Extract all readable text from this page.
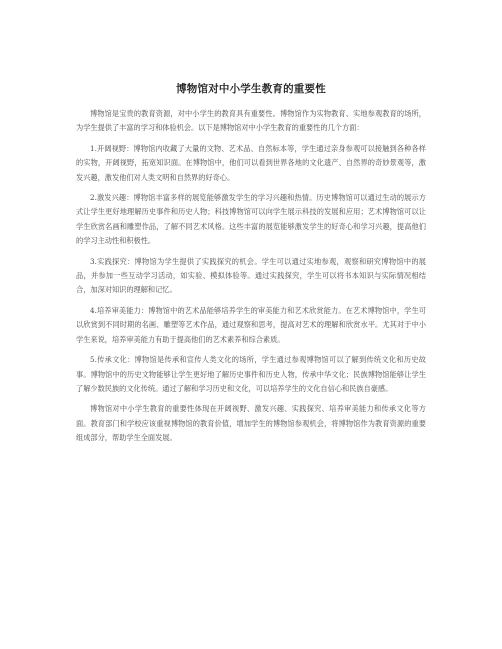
博物馆对中小学生教育的重要性

博物馆是宝贵的教育资源，对中小学生的教育具有重要性。博物馆作为实物教育、实地参观教育的场所，为学生提供了丰富的学习和体验机会。以下是博物馆对中小学生教育的重要性的几个方面：

1.开阔视野：博物馆内收藏了大量的文物、艺术品、自然标本等，学生通过亲身参观可以接触到各种各样的实物，开阔视野，拓宽知识面。在博物馆中，他们可以看到世界各地的文化遗产、自然界的奇妙景观等，激发兴趣，激发他们对人类文明和自然界的好奇心。

2.激发兴趣：博物馆丰富多样的展览能够激发学生的学习兴趣和热情。历史博物馆可以通过生动的展示方式让学生更好地理解历史事件和历史人物；科技博物馆可以向学生展示科技的发展和应用；艺术博物馆可以让学生欣赏名画和雕塑作品，了解不同艺术风格。这些丰富的展览能够激发学生的好奇心和学习兴趣，提高他们的学习主动性和积极性。

3.实践探究：博物馆为学生提供了实践探究的机会。学生可以通过实地参观，观察和研究博物馆中的展品，并参加一些互动学习活动，如实验、模拟体验等。通过实践探究，学生可以将书本知识与实际情况相结合，加深对知识的理解和记忆。

4.培养审美能力：博物馆中的艺术品能够培养学生的审美能力和艺术欣赏能力。在艺术博物馆中，学生可以欣赏到不同时期的名画、雕塑等艺术作品，通过观察和思考，提高对艺术的理解和欣赏水平。尤其对于中小学生来说，培养审美能力有助于提高他们的艺术素养和综合素质。

5.传承文化：博物馆是传承和宣传人类文化的场所，学生通过参观博物馆可以了解到传统文化和历史故事。博物馆中的历史文物能够让学生更好地了解历史事件和历史人物，传承中华文化；民族博物馆能够让学生了解少数民族的文化传统。通过了解和学习历史和文化，可以培养学生的文化自信心和民族自豪感。

博物馆对中小学生教育的重要性体现在开阔视野、激发兴趣、实践探究、培养审美能力和传承文化等方面。教育部门和学校应该重视博物馆的教育价值，增加学生的博物馆参观机会，将博物馆作为教育资源的重要组成部分，帮助学生全面发展。
